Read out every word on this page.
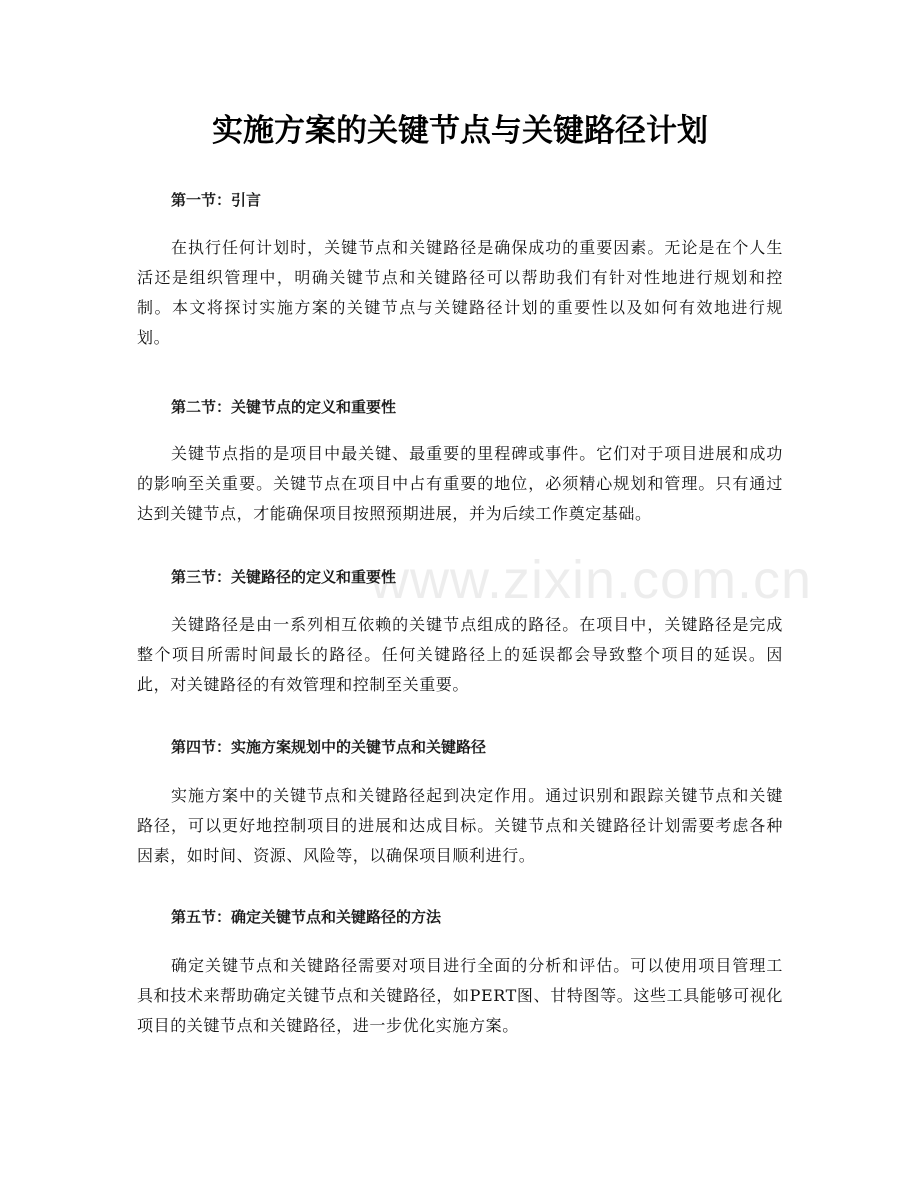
实施方案的关键节点与关键路径计划
www.zixin.com.cn
第一节：引言

在执行任何计划时，关键节点和关键路径是确保成功的重要因素。无论是在个人生活还是组织管理中，明确关键节点和关键路径可以帮助我们有针对性地进行规划和控制。本文将探讨实施方案的关键节点与关键路径计划的重要性以及如何有效地进行规划。

第二节：关键节点的定义和重要性

关键节点指的是项目中最关键、最重要的里程碑或事件。它们对于项目进展和成功的影响至关重要。关键节点在项目中占有重要的地位，必须精心规划和管理。只有通过达到关键节点，才能确保项目按照预期进展，并为后续工作奠定基础。

第三节：关键路径的定义和重要性

关键路径是由一系列相互依赖的关键节点组成的路径。在项目中，关键路径是完成整个项目所需时间最长的路径。任何关键路径上的延误都会导致整个项目的延误。因此，对关键路径的有效管理和控制至关重要。

第四节：实施方案规划中的关键节点和关键路径

实施方案中的关键节点和关键路径起到决定作用。通过识别和跟踪关键节点和关键路径，可以更好地控制项目的进展和达成目标。关键节点和关键路径计划需要考虑各种因素，如时间、资源、风险等，以确保项目顺利进行。

第五节：确定关键节点和关键路径的方法

确定关键节点和关键路径需要对项目进行全面的分析和评估。可以使用项目管理工具和技术来帮助确定关键节点和关键路径，如PERT图、甘特图等。这些工具能够可视化项目的关键节点和关键路径，进一步优化实施方案。
